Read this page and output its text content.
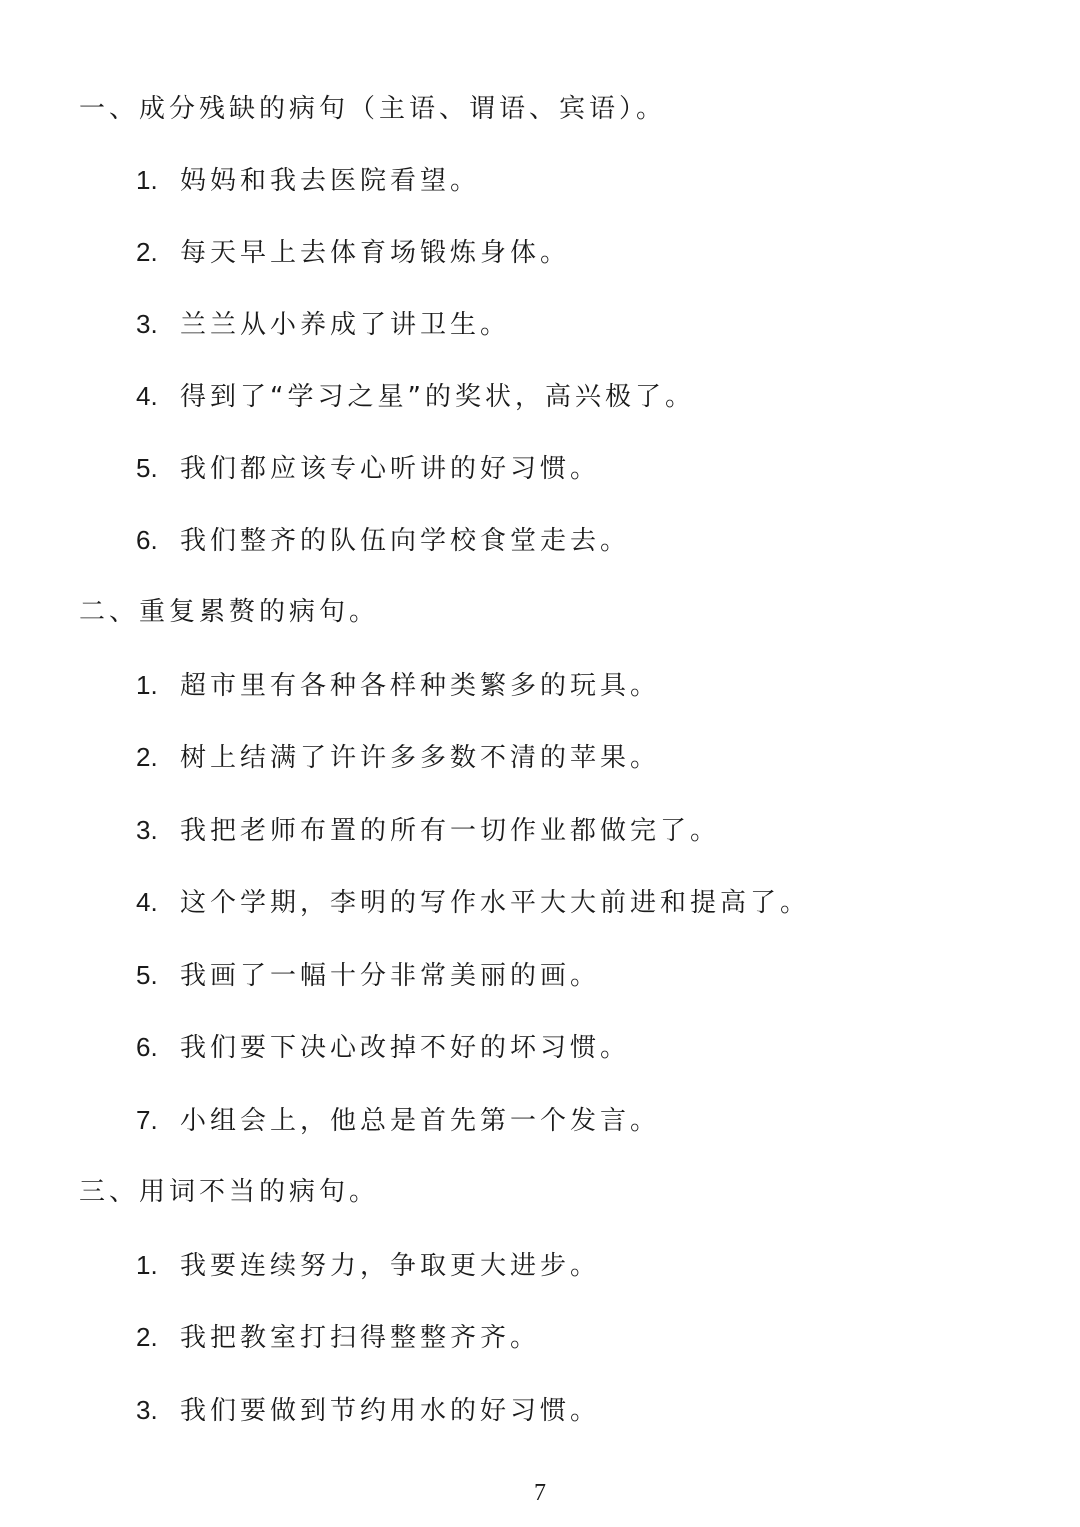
一、成分残缺的病句（主语、谓语、宾语）。
1. 妈妈和我去医院看望。
2. 每天早上去体育场锻炼身体。
3. 兰兰从小养成了讲卫生。
4. 得到了“学习之星”的奖状，高兴极了。
5. 我们都应该专心听讲的好习惯。
6. 我们整齐的队伍向学校食堂走去。
二、重复累赘的病句。
1. 超市里有各种各样种类繁多的玩具。
2. 树上结满了许许多多数不清的苹果。
3. 我把老师布置的所有一切作业都做完了。
4. 这个学期，李明的写作水平大大前进和提高了。
5. 我画了一幅十分非常美丽的画。
6. 我们要下决心改掉不好的坏习惯。
7. 小组会上，他总是首先第一个发言。
三、用词不当的病句。
1. 我要连续努力，争取更大进步。
2. 我把教室打扫得整整齐齐。
3. 我们要做到节约用水的好习惯。
7
